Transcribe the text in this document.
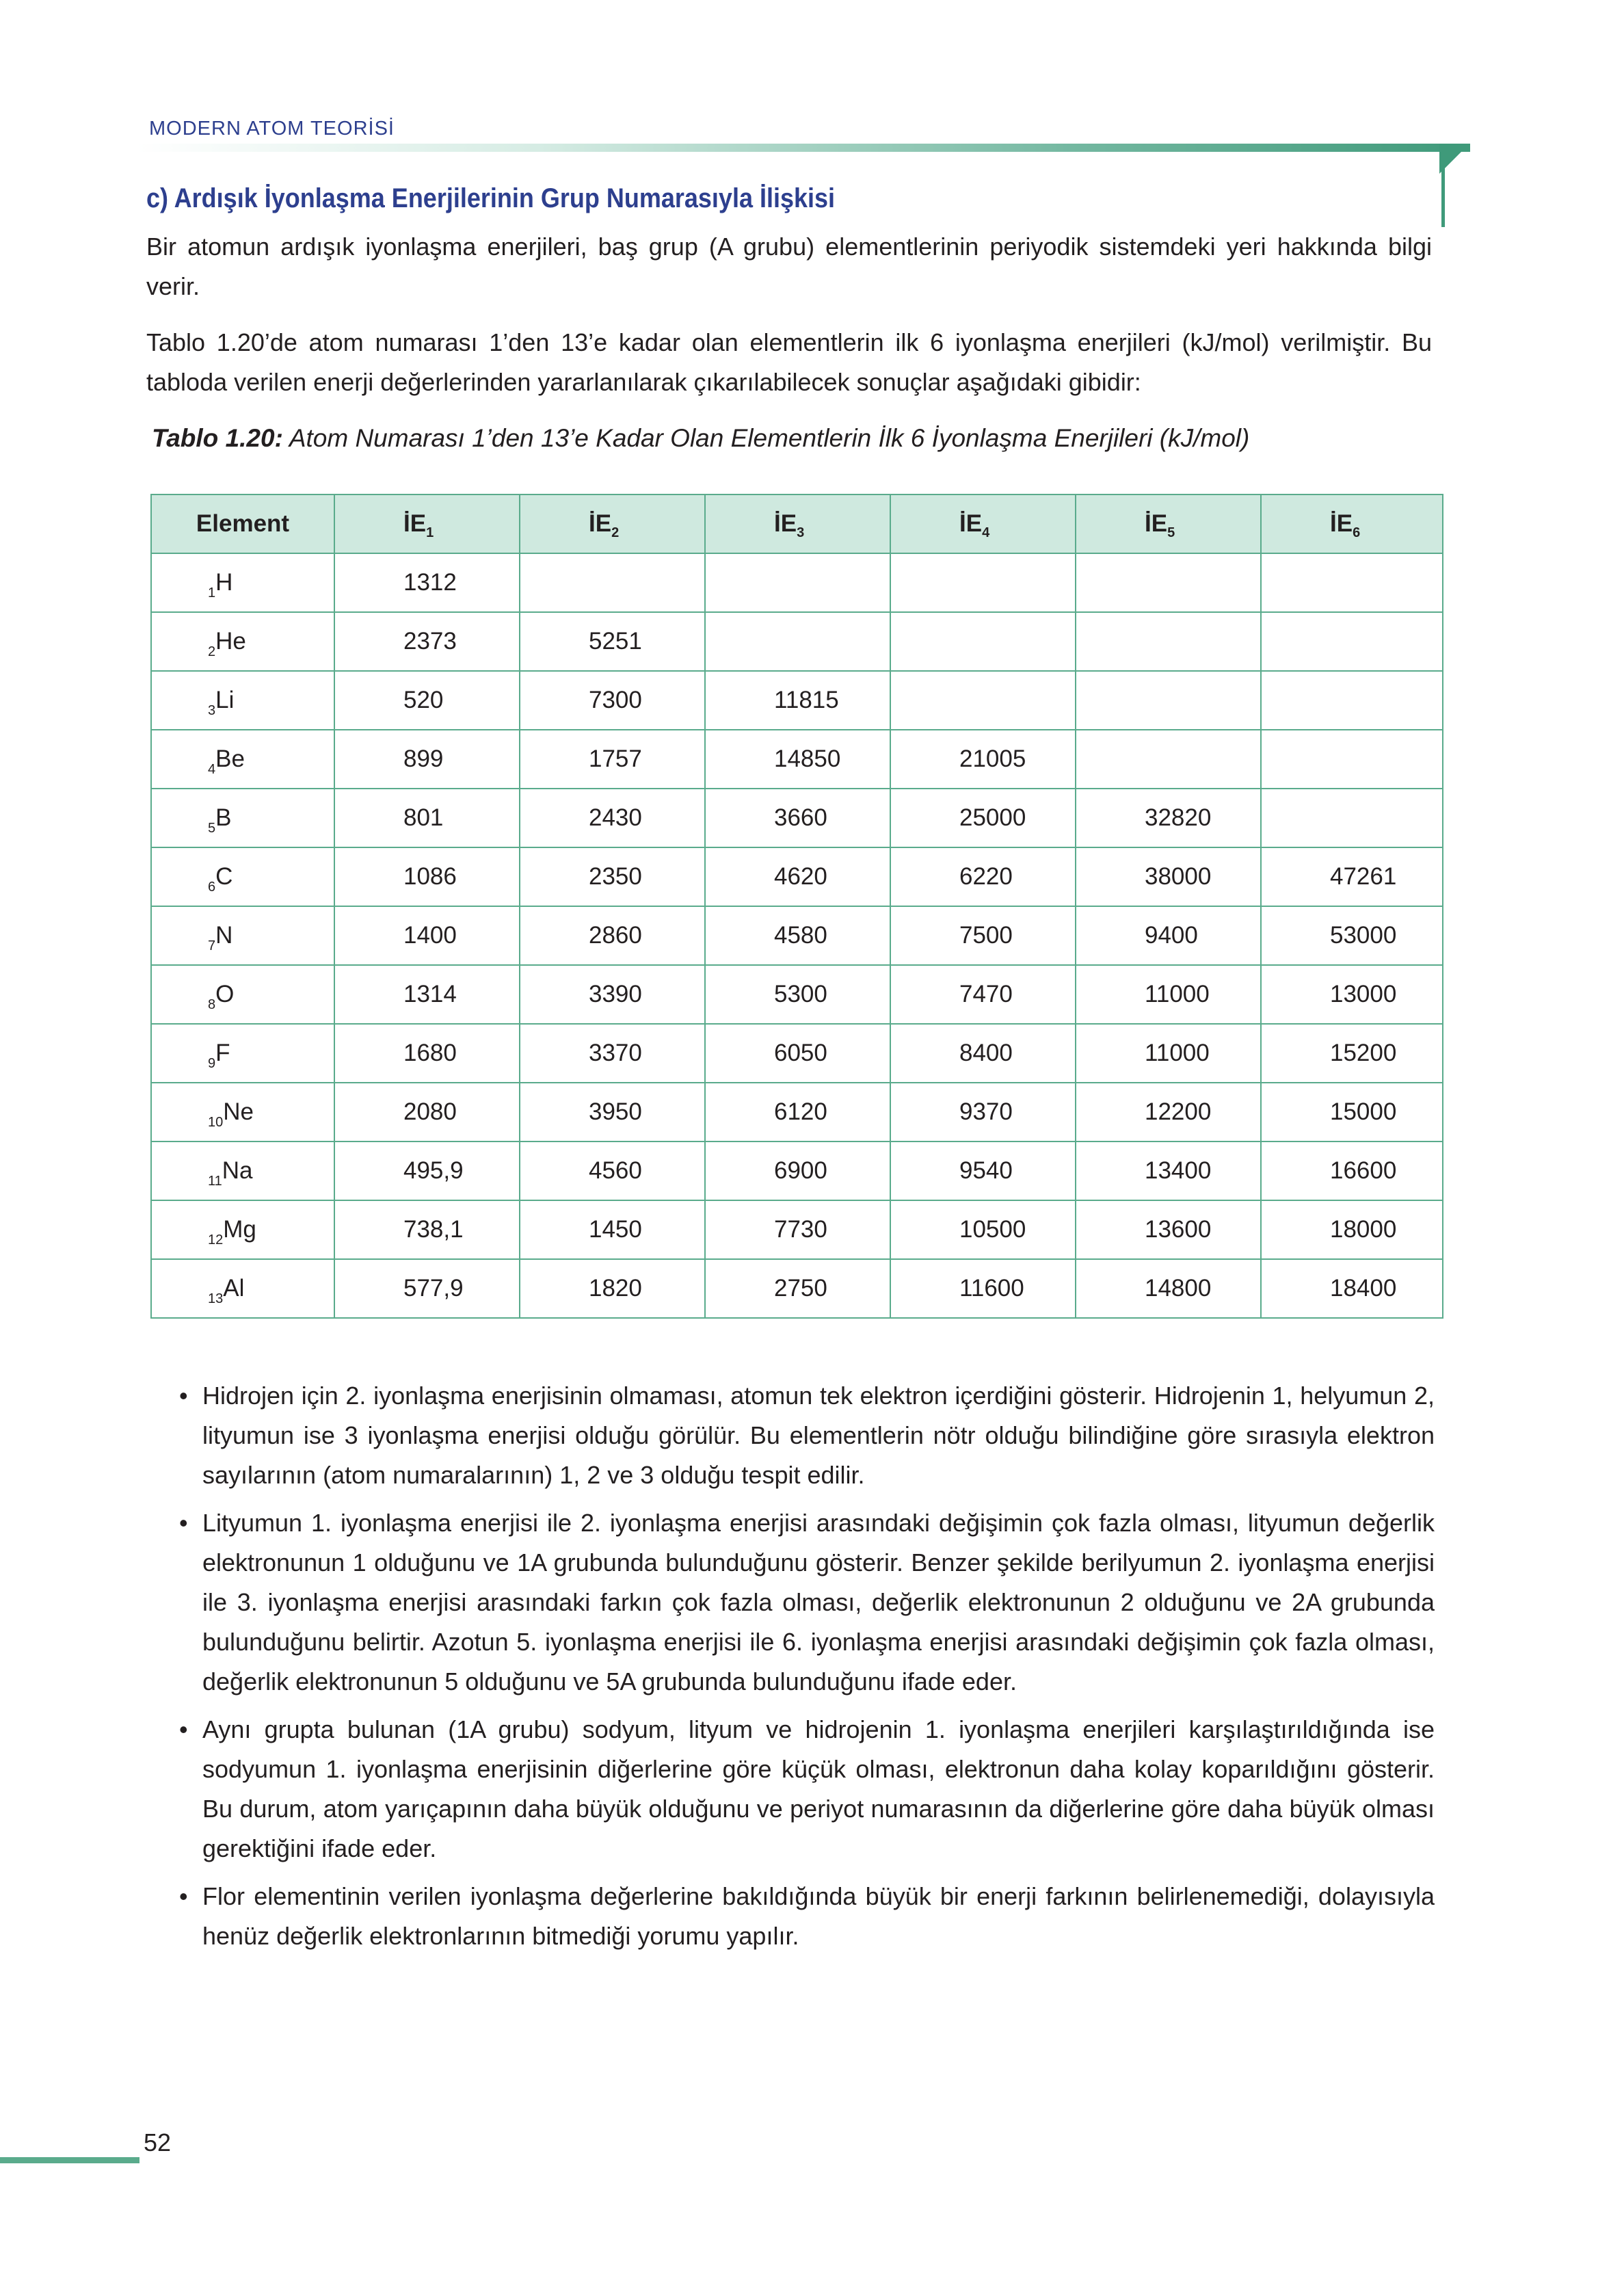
MODERN ATOM TEORİSİ
c) Ardışık İyonlaşma Enerjilerinin Grup Numarasıyla İlişkisi
Bir atomun ardışık iyonlaşma enerjileri, baş grup (A grubu) elementlerinin periyodik sistemdeki yeri hakkında bilgi verir.
Tablo 1.20’de atom numarası 1’den 13’e kadar olan elementlerin ilk 6 iyonlaşma enerjileri (kJ/mol) verilmiştir. Bu tabloda verilen enerji değerlerinden yararlanılarak çıkarılabilecek sonuçlar aşağıdaki gibidir:
Tablo 1.20: Atom Numarası 1’den 13’e Kadar Olan Elementlerin İlk 6 İyonlaşma Enerjileri (kJ/mol)
Element	$İE_1$	$İE_2$	$İE_3$	$İE_4$	$İE_5$	$İE_6$
$_1$H	1312					
$_2$He	2373	5251				
$_3$Li	520	7300	11815			
$_4$Be	899	1757	14850	21005		
$_5$B	801	2430	3660	25000	32820	
$_6$C	1086	2350	4620	6220	38000	47261
$_7$N	1400	2860	4580	7500	9400	53000
$_8$O	1314	3390	5300	7470	11000	13000
$_9$F	1680	3370	6050	8400	11000	15200
$_{10}$Ne	2080	3950	6120	9370	12200	15000
$_{11}$Na	495,9	4560	6900	9540	13400	16600
$_{12}$Mg	738,1	1450	7730	10500	13600	18000
$_{13}$Al	577,9	1820	2750	11600	14800	18400
• Hidrojen için 2. iyonlaşma enerjisinin olmaması, atomun tek elektron içerdiğini gösterir. Hidrojenin 1, helyumun 2, lityumun ise 3 iyonlaşma enerjisi olduğu görülür. Bu elementlerin nötr olduğu bilindiğine göre sırasıyla elektron sayılarının (atom numaralarının) 1, 2 ve 3 olduğu tespit edilir.
• Lityumun 1. iyonlaşma enerjisi ile 2. iyonlaşma enerjisi arasındaki değişimin çok fazla olması, lityumun değerlik elektronunun 1 olduğunu ve 1A grubunda bulunduğunu gösterir. Benzer şekilde berilyumun 2. iyonlaşma enerjisi ile 3. iyonlaşma enerjisi arasındaki farkın çok fazla olması, değerlik elektronunun 2 olduğunu ve 2A grubunda bulunduğunu belirtir. Azotun 5. iyonlaşma enerjisi ile 6. iyonlaşma enerjisi arasındaki değişimin çok fazla olması, değerlik elektronunun 5 olduğunu ve 5A grubunda bulunduğunu ifade eder.
• Aynı grupta bulunan (1A grubu) sodyum, lityum ve hidrojenin 1. iyonlaşma enerjileri karşılaştırıldığında ise sodyumun 1. iyonlaşma enerjisinin diğerlerine göre küçük olması, elektronun daha kolay koparıldığını gösterir. Bu durum, atom yarıçapının daha büyük olduğunu ve periyot numarasının da diğerlerine göre daha büyük olması gerektiğini ifade eder.
• Flor elementinin verilen iyonlaşma değerlerine bakıldığında büyük bir enerji farkının belirlenemediği, dolayısıyla henüz değerlik elektronlarının bitmediği yorumu yapılır.
52
